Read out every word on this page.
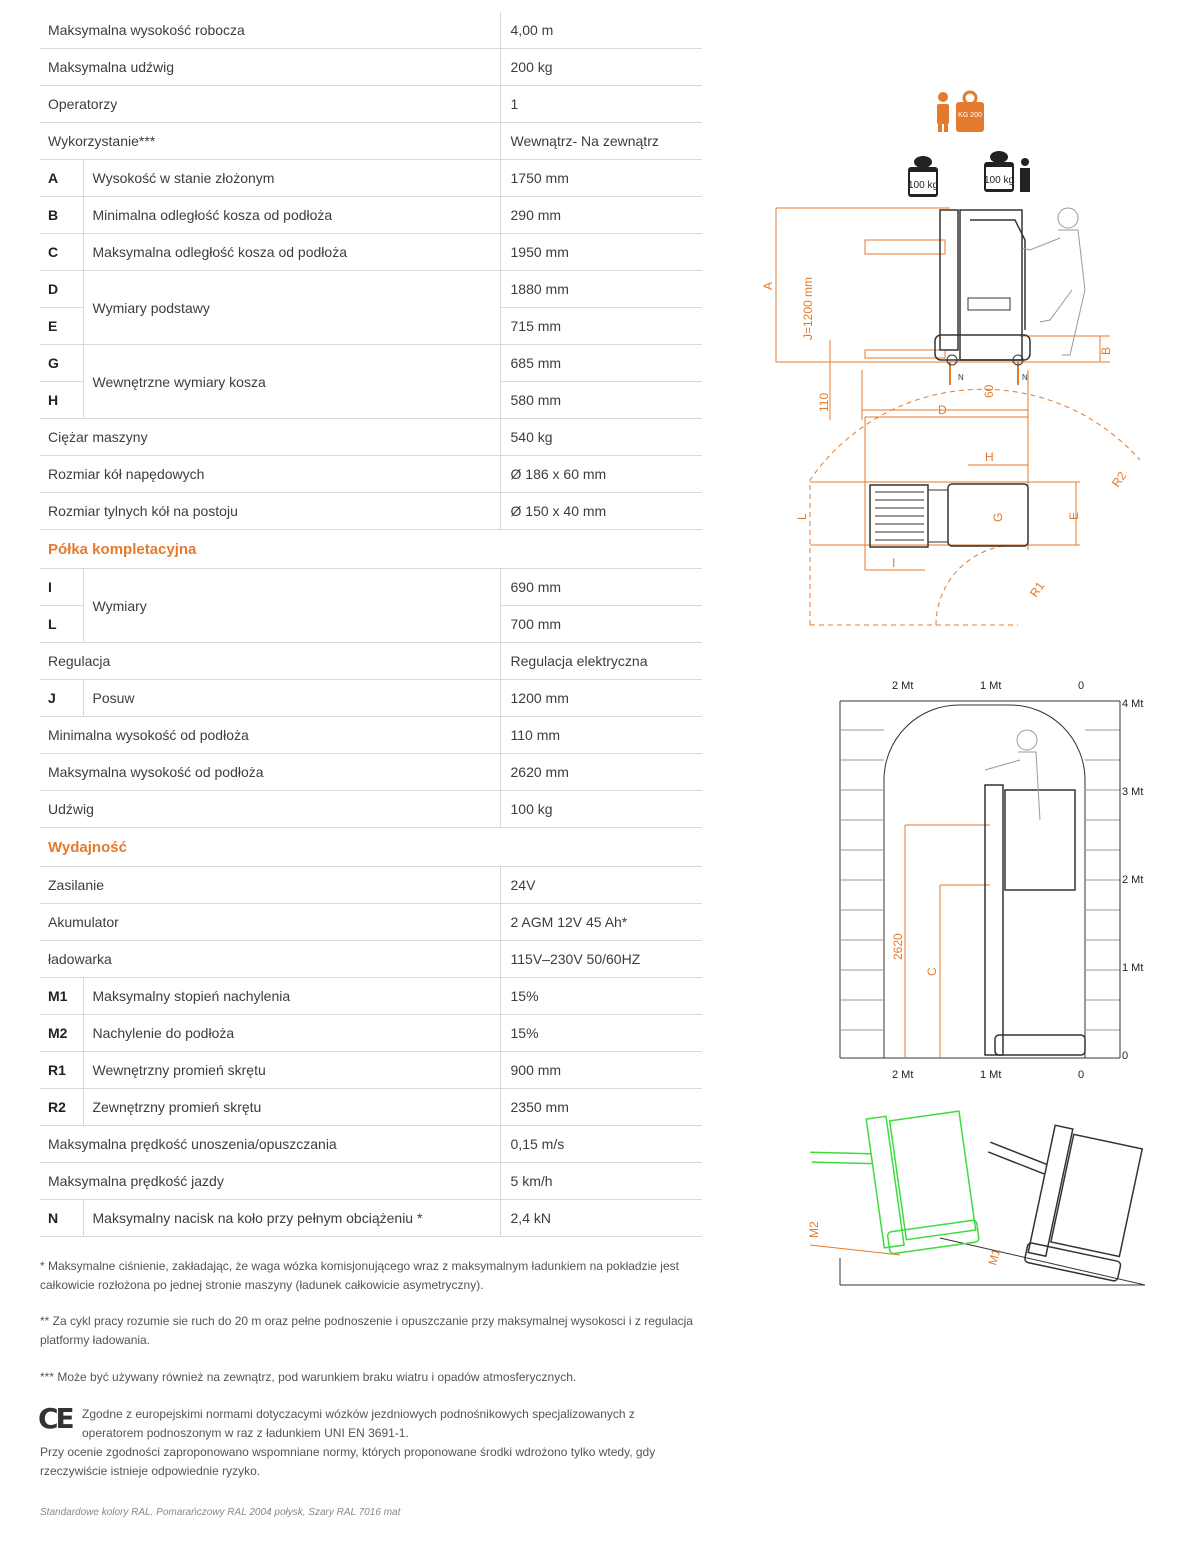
Maksymalna wysokość robocza		4,00 m
Maksymalna udźwig		200 kg
Operatorzy		1
Wykorzystanie***		Wewnątrz- Na zewnątrz
A	Wysokość w stanie złożonym	1750 mm
B	Minimalna odległość kosza od podłoża	290 mm
C	Maksymalna odległość kosza od podłoża	1950 mm
D	Wymiary podstawy	1880 mm
E		715 mm
G	Wewnętrzne wymiary kosza	685 mm
H		580 mm
Ciężar maszyny		540 kg
Rozmiar kół napędowych		Ø 186 x 60 mm
Rozmiar tylnych kół na postoju		Ø 150 x 40 mm
Półka kompletacyjna		
I	Wymiary	690 mm
L		700 mm
Regulacja		Regulacja elektryczna
J	Posuw	1200 mm
Minimalna wysokość od podłoża		110 mm
Maksymalna wysokość od podłoża		2620 mm
Udźwig		100 kg
Wydajność		
Zasilanie		24V
Akumulator		2 AGM 12V 45 Ah*
ładowarka		115V–230V 50/60HZ
M1	Maksymalny stopień nachylenia	15%
M2	Nachylenie do podłoża	15%
R1	Wewnętrzny promień skrętu	900 mm
R2	Zewnętrzny promień skrętu	2350 mm
Maksymalna prędkość unoszenia/opuszczania		0,15 m/s
Maksymalna prędkość jazdy		5 km/h
N	Maksymalny nacisk na koło przy pełnym obciążeniu *	2,4 kN
* Maksymalne ciśnienie, zakładając, że waga wózka komisjonującego wraz z maksymalnym ładunkiem na pokładzie jest całkowicie rozłożona po jednej stronie maszyny (ładunek całkowicie asymetryczny).
** Za cykl pracy rozumie sie ruch do 20 m oraz pełne podnoszenie i opuszczanie przy maksymalnej wysokosci i z regulacja platformy ładowania.
*** Może być używany również na zewnątrz, pod warunkiem braku wiatru i opadów atmosferycznych.
CE Zgodne z europejskimi normami dotyczacymi wózków jezdniowych podnośnikowych specjalizowanych z operatorem podnoszonym w raz z ładunkiem UNI EN 3691-1.
Przy ocenie zgodności zaproponowano wspomniane normy, których proponowane środki wdrożono tylko wtedy, gdy rzeczywiście istnieje odpowiednie ryzyko.
Standardowe kolory RAL. Pomarańczowy RAL 2004 połysk, Szary RAL 7016 mat
KG 200
100 kg	100 kg
A J=1200 mm
B
110
60
N	N
D
H
G	E
L
I
R1
R2
2 Mt	1 Mt	0
2 Mt	1 Mt	0
4 Mt
3 Mt
2 Mt
1 Mt
0
2620
C
M2
M1
